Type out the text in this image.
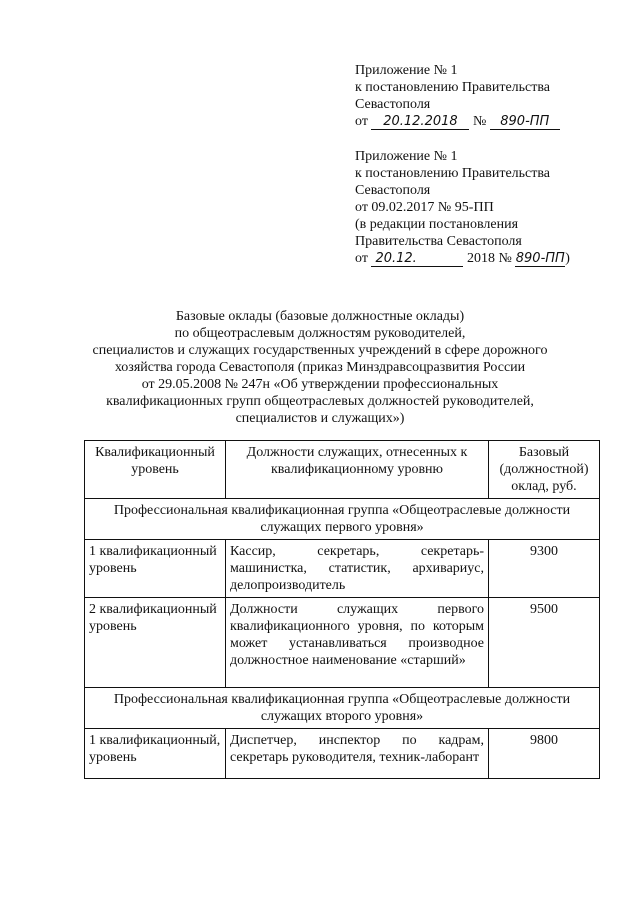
Приложение № 1
к постановлению Правительства
Севастополя
от 20.12.2018 № 890-ПП
Приложение № 1
к постановлению Правительства
Севастополя
от 09.02.2017 № 95-ПП
(в редакции постановления
Правительства Севастополя
от 20.12.	2018 № 890-ПП)
Базовые оклады (базовые должностные оклады)
по общеотраслевым должностям руководителей,
специалистов и служащих государственных учреждений в сфере дорожного
хозяйства города Севастополя (приказ Минздравсоцразвития России
от 29.05.2008 № 247н «Об утверждении профессиональных
квалификационных групп общеотраслевых должностей руководителей,
специалистов и служащих»)
Квалификационный уровень	Должности служащих, отнесенных к квалификационному уровню	Базовый (должностной) оклад, руб.
Профессиональная квалификационная группа «Общеотраслевые должности служащих первого уровня»		
1 квалификационный уровень	Кассир, секретарь, секретарь-машинистка, статистик, архивариус, делопроизводитель	9300
2 квалификационный уровень	Должности служащих первого квалификационного уровня, по которым может устанавливаться производное должностное наименование «старший»	9500
Профессиональная квалификационная группа «Общеотраслевые должности служащих второго уровня»		
1 квалификационный, уровень	Диспетчер, инспектор по кадрам, секретарь руководителя, техник-лаборант	9800
